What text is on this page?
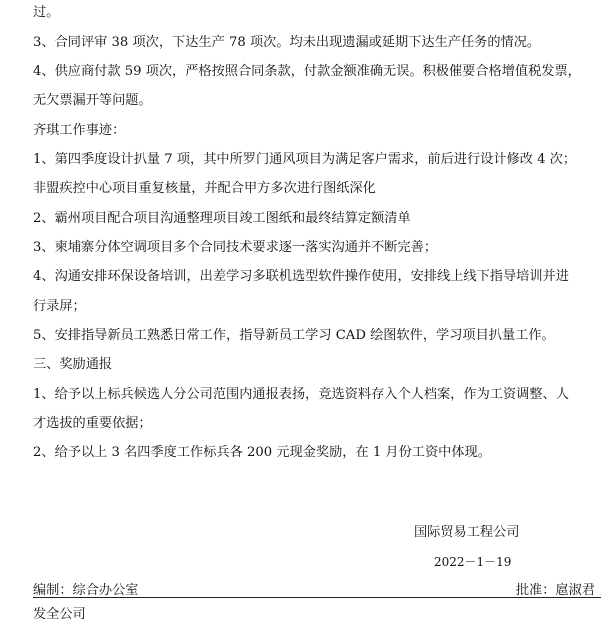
过。
3、合同评审 38 项次，下达生产 78 项次。均未出现遗漏或延期下达生产任务的情况。
4、供应商付款 59 项次，严格按照合同条款，付款金额准确无误。积极催要合格增值税发票，
无欠票漏开等问题。
齐琪工作事迹：
1、第四季度设计扒量 7 项，其中所罗门通风项目为满足客户需求，前后进行设计修改 4 次；
非盟疾控中心项目重复核量，并配合甲方多次进行图纸深化
2、霸州项目配合项目沟通整理项目竣工图纸和最终结算定额清单
3、柬埔寨分体空调项目多个合同技术要求逐一落实沟通并不断完善；
4、沟通安排环保设备培训，出差学习多联机选型软件操作使用，安排线上线下指导培训并进
行录屏；
5、安排指导新员工熟悉日常工作，指导新员工学习 CAD 绘图软件，学习项目扒量工作。
三、奖励通报
1、给予以上标兵候选人分公司范围内通报表扬，竞选资料存入个人档案，作为工资调整、人
才选拔的重要依据；
2、给予以上 3 名四季度工作标兵各 200 元现金奖励，在 1 月份工资中体现。
国际贸易工程公司
2022－1－19
编制：综合办公室	批准：扈淑君
发全公司
